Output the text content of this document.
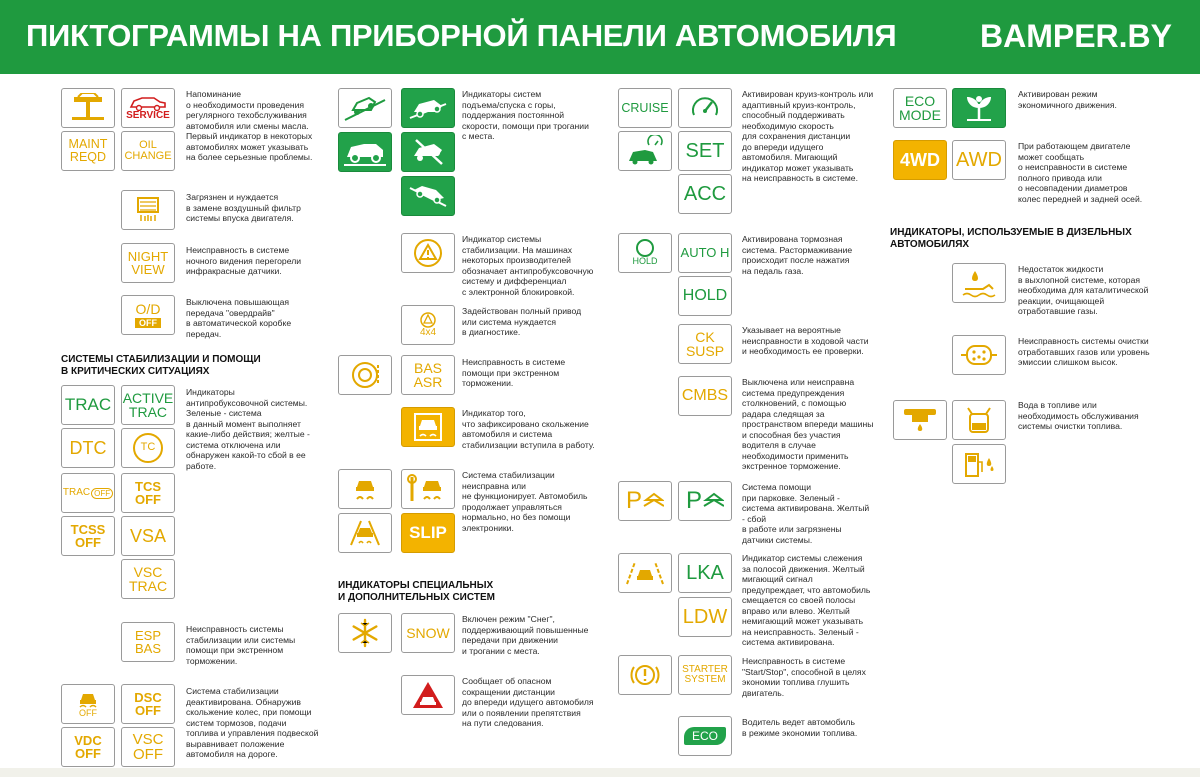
ПИКТОГРАММЫ НА ПРИБОРНОЙ ПАНЕЛИ АВТОМОБИЛЯ	BAMPER.BY
SERVICE
MAINT
REQD
OIL
CHANGE
Напоминание
о необходимости проведения
регулярного техобслуживания
автомобиля или смены масла.
Первый индикатор в некоторых
автомобилях может указывать
на более серьезные проблемы.
Загрязнен и нуждается
в замене воздушный фильтр
системы впуска двигателя.
NIGHT
VIEW
Неисправность в системе
ночного видения перегорели
инфракрасные датчики.
O/D
OFF
Выключена повышающая
передача "овердрайв"
в автоматической коробке
передач.
СИСТЕМЫ СТАБИЛИЗАЦИИ И ПОМОЩИ
В КРИТИЧЕСКИХ СИТУАЦИЯХ
TRAC ACTIVE
TRAC
DTC	TC
Индикаторы
антипробуксовочной системы.
Зеленые - система
в данный момент выполняет
какие-либо действия; желтые -
система отключена или
обнаружен какой-то сбой в ее
работе.
TRAC OFF TCS
OFF
TCSS
OFF VSA
VSC
TRAC
ESP
BAS
Неисправность системы
стабилизации или системы
помощи при экстренном
торможении.
OFF
DSC
OFF
VDC
OFF
VSC
OFF
Система стабилизации
деактивирована. Обнаружив
скольжение колес, при помощи
систем тормозов, подачи
топлива и управления подвеской
выравнивает положение
автомобиля на дороге.
Индикаторы систем
подъема/спуска с горы,
поддержания постоянной
скорости, помощи при трогании
с места.
Индикатор системы
стабилизации. На машинах
некоторых производителей
обозначает антипробуксовочную
систему и дифференциал
с электронной блокировкой.
4x4
Задействован полный привод
или система нуждается
в диагностике.
BAS
ASR
Неисправность в системе
помощи при экстренном
торможении.
Индикатор того,
что зафиксировано скольжение
автомобиля и система
стабилизации вступила в работу.
SLIP
Система стабилизации
неисправна или
не функционирует. Автомобиль
продолжает управляться
нормально, но без помощи
электроники.
ИНДИКАТОРЫ СПЕЦИАЛЬНЫХ
И ДОПОЛНИТЕЛЬНЫХ СИСТЕМ
SNOW
Включен режим "Снег",
поддерживающий повышенные
передачи при движении
и трогании с места.
Сообщает об опасном
сокращении дистанции
до впереди идущего автомобиля
или о появлении препятствия
на пути следования.
CRUISE
SET
ACC
Активирован круиз-контроль или
адаптивный круиз-контроль,
способный поддерживать
необходимую скорость
для сохранения дистанции
до впереди идущего
автомобиля. Мигающий
индикатор может указывать
на неисправность в системе.
HOLD
AUTO H
HOLD
Активирована тормозная
система. Растормаживание
происходит после нажатия
на педаль газа.
CK
SUSP
Указывает на вероятные
неисправности в ходовой части
и необходимость ее проверки.
CMBS
Выключена или неисправна
система предупреждения
столкновений, с помощью
радара следящая за
пространством впереди машины
и способная без участия
водителя в случае
необходимости применить
экстренное торможение.
P P	Система помощи
при парковке. Зеленый -
система активирована. Желтый
- сбой
в работе или загрязнены
датчики системы.
LKA
LDW
Индикатор системы слежения
за полосой движения. Желтый
мигающий сигнал
предупреждает, что автомобиль
смещается со своей полосы
вправо или влево. Желтый
немигающий может указывать
на неисправность. Зеленый -
система активирована.
STARTER
SYSTEM
Неисправность в системе
"Start/Stop", способной в целях
экономии топлива глушить
двигатель.
ECO
Водитель ведет автомобиль
в режиме экономии топлива.
ECO
MODE
Активирован режим
экономичного движения.
4WD AWD
При работающем двигателе
может сообщать
о неисправности в системе
полного привода или
о несовпадении диаметров
колес передней и задней осей.
ИНДИКАТОРЫ, ИСПОЛЬЗУЕМЫЕ В ДИЗЕЛЬНЫХ
АВТОМОБИЛЯХ
Недостаток жидкости
в выхлопной системе, которая
необходима для каталитической
реакции, очищающей
отработавшие газы.
Неисправность системы очистки
отработавших газов или уровень
эмиссии слишком высок.
Вода в топливе или
необходимость обслуживания
системы очистки топлива.
